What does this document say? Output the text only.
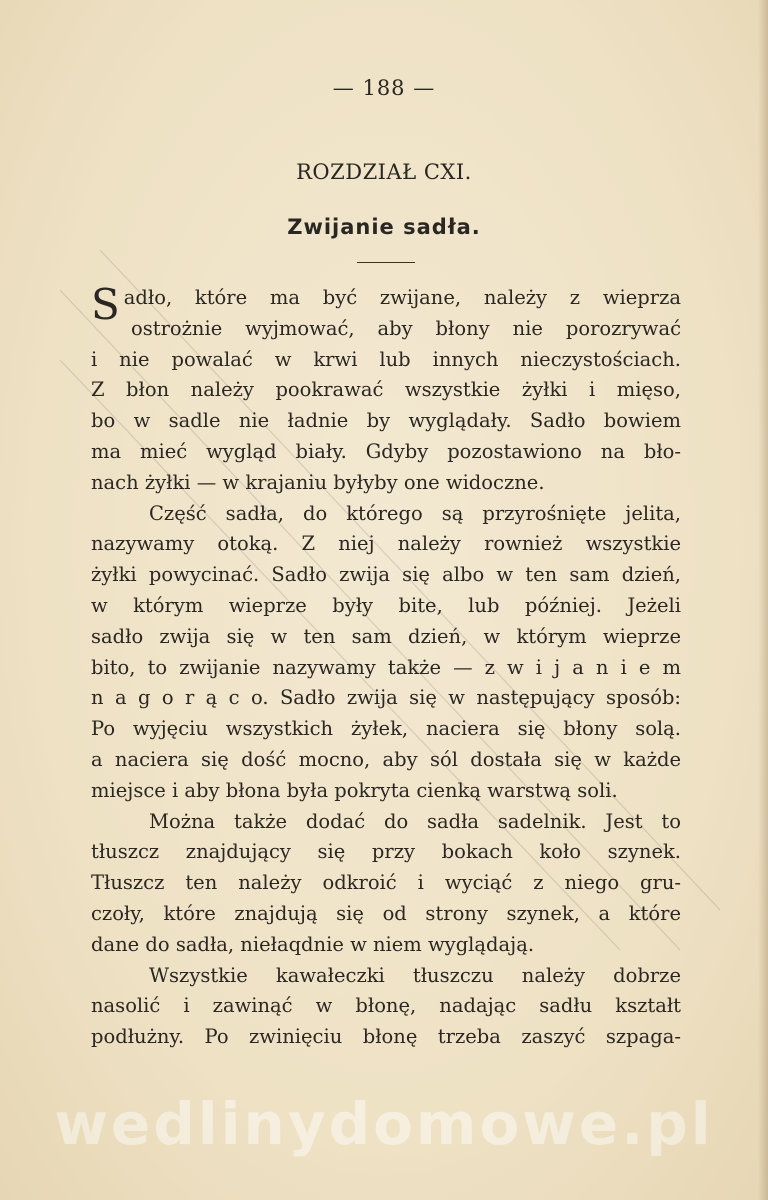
— 188 —
ROZDZIAŁ CXI.
Zwijanie sadła.
Sadło, które ma być zwijane, należy z wieprza
ostrożnie wyjmować, aby błony nie porozrywać
i nie powalać w krwi lub innych nieczystościach.
Z błon należy pookrawać wszystkie żyłki i mięso,
bo w sadle nie ładnie by wyglądały. Sadło bowiem
ma mieć wygląd biały. Gdyby pozostawiono na bło-
nach żyłki — w krajaniu byłyby one widoczne.
Część sadła, do którego są przyrośnięte jelita,
nazywamy otoką. Z niej należy rownież wszystkie
żyłki powycinać. Sadło zwija się albo w ten sam dzień,
w którym wieprze były bite, lub później. Jeżeli
sadło zwija się w ten sam dzień, w którym wieprze
bito, to zwijanie nazywamy także — z w i j a n i e m
n a g o r ą c o. Sadło zwija się w następujący sposób:
Po wyjęciu wszystkich żyłek, naciera się błony solą.
a naciera się dość mocno, aby sól dostała się w każde
miejsce i aby błona była pokryta cienką warstwą soli.
Można także dodać do sadła sadelnik. Jest to
tłuszcz znajdujący się przy bokach koło szynek.
Tłuszcz ten należy odkroić i wyciąć z niego gru-
czoły, które znajdują się od strony szynek, a które
dane do sadła, niełaqdnie w niem wyglądają.
Wszystkie kawałeczki tłuszczu należy dobrze
nasolić i zawinąć w błonę, nadając sadłu kształt
podłużny. Po zwinięciu błonę trzeba zaszyć szpaga-
wedlinydomowe.pl
